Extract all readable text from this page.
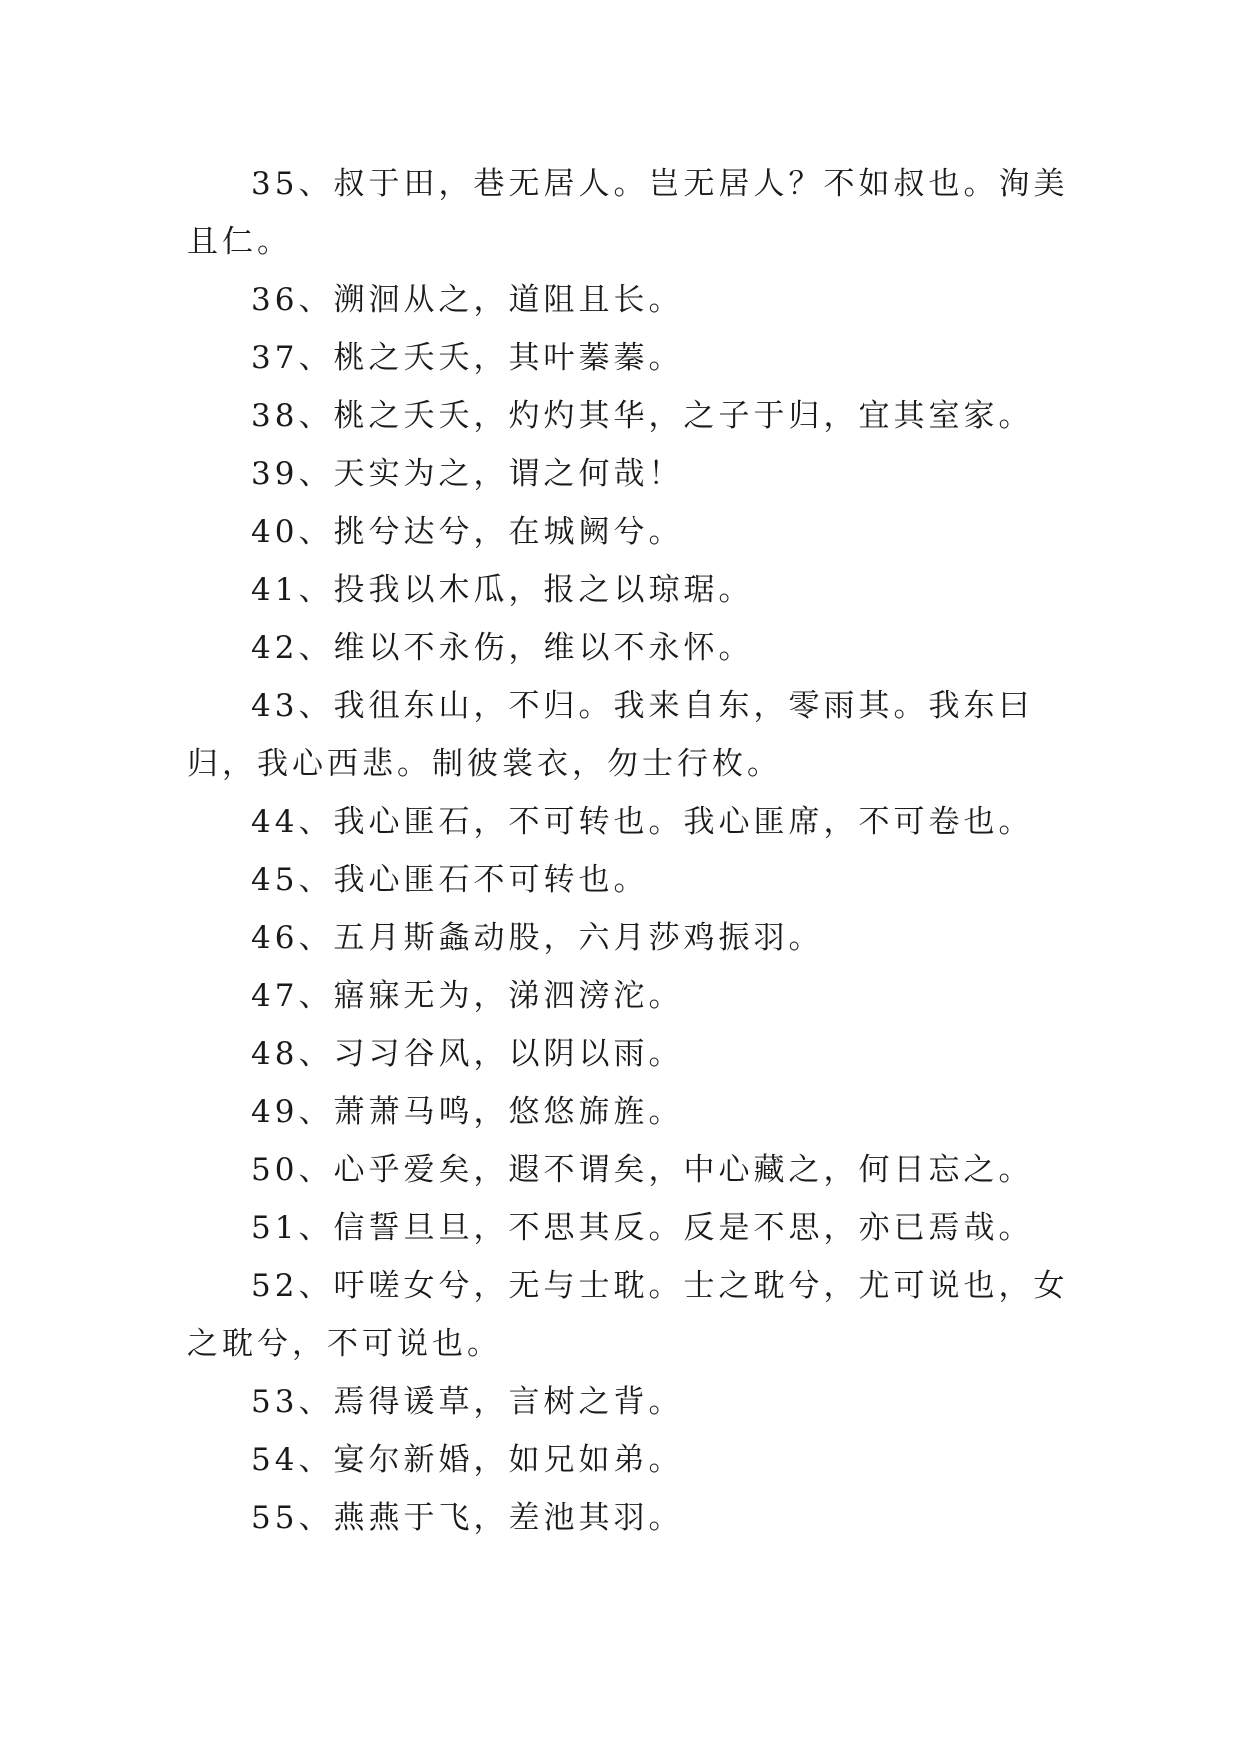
35、叔于田，巷无居人。岂无居人？不如叔也。洵美且仁。

36、溯洄从之，道阻且长。

37、桃之夭夭，其叶蓁蓁。

38、桃之夭夭，灼灼其华，之子于归，宜其室家。

39、天实为之，谓之何哉！

40、挑兮达兮，在城阙兮。

41、投我以木瓜，报之以琼琚。

42、维以不永伤，维以不永怀。

43、我徂东山，不归。我来自东，零雨其。我东曰归，我心西悲。制彼裳衣，勿士行枚。

44、我心匪石，不可转也。我心匪席，不可卷也。

45、我心匪石不可转也。

46、五月斯螽动股，六月莎鸡振羽。

47、寤寐无为，涕泗滂沱。

48、习习谷风，以阴以雨。

49、萧萧马鸣，悠悠旆旌。

50、心乎爱矣，遐不谓矣，中心藏之，何日忘之。

51、信誓旦旦，不思其反。反是不思，亦已焉哉。

52、吁嗟女兮，无与士耽。士之耽兮，尤可说也，女之耽兮，不可说也。

53、焉得谖草，言树之背。

54、宴尔新婚，如兄如弟。

55、燕燕于飞，差池其羽。
